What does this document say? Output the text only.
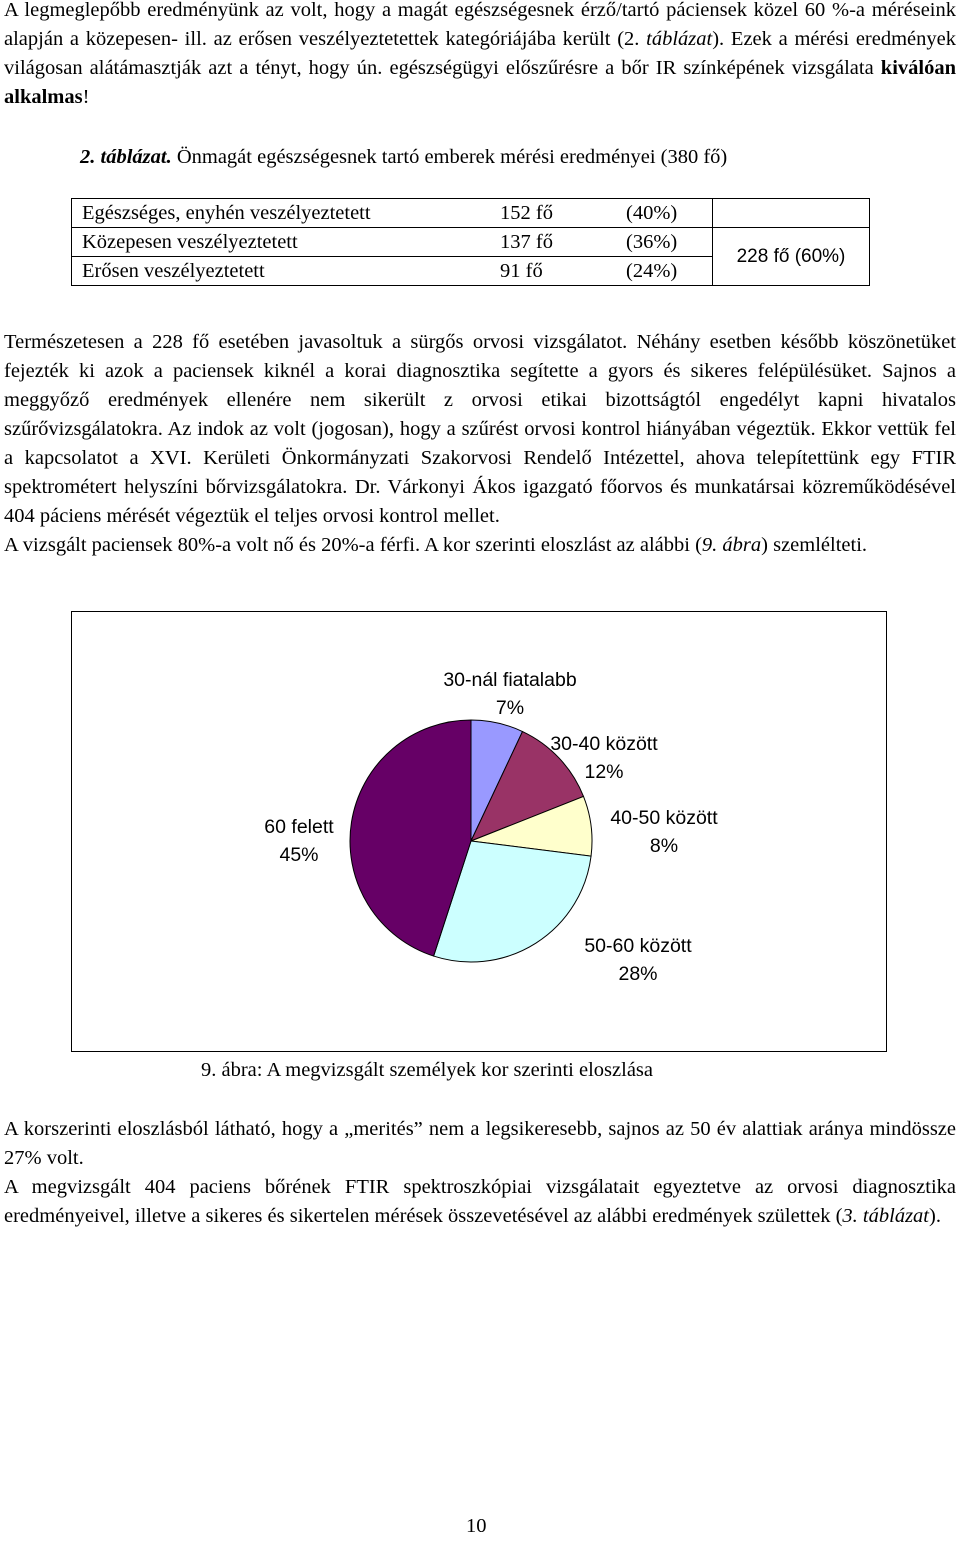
A legmeglepőbb eredményünk az volt, hogy a magát egészségesnek érző/tartó páciensek közel 60 %-a méréseink alapján a közepesen- ill. az erősen veszélyeztetettek kategóriájába került (2. táblázat). Ezek a mérési eredmények világosan alátámasztják azt a tényt, hogy ún. egészségügyi előszűrésre a bőr IR színképének vizsgálata kiválóan alkalmas!

2. táblázat. Önmagát egészségesnek tartó emberek mérési eredményei (380 fő)
Egészséges, enyhén veszélyeztetett	152 fő	(40%)	
Közepesen veszélyeztetett	137 fő	(36%)	228 fő (60%)
Erősen veszélyeztetett	91 fő	(24%)	

Természetesen a 228 fő esetében javasoltuk a sürgős orvosi vizsgálatot. Néhány esetben később köszönetüket fejezték ki azok a paciensek kiknél a korai diagnosztika segítette a gyors és sikeres felépülésüket. Sajnos a meggyőző eredmények ellenére nem sikerült z orvosi etikai bizottságtól engedélyt kapni hivatalos szűrővizsgálatokra. Az indok az volt (jogosan), hogy a szűrést orvosi kontrol hiányában végeztük. Ekkor vettük fel a kapcsolatot a XVI. Kerületi Önkormányzati Szakorvosi Rendelő Intézettel, ahova telepítettünk egy FTIR spektrométert helyszíni bőrvizsgálatokra. Dr. Várkonyi Ákos igazgató főorvos és munkatársai közreműködésével 404 páciens mérését végeztük el teljes orvosi kontrol mellet.
A vizsgált paciensek 80%-a volt nő és 20%-a férfi. A kor szerinti eloszlást az alábbi (9. ábra) szemlélteti.

30-nál fiatalabb
7%
30-40 között
12%
40-50 között
8%
50-60 között
28%
60 felett
45%
9. ábra: A megvizsgált személyek kor szerinti eloszlása

A korszerinti eloszlásból látható, hogy a „merités” nem a legsikeresebb, sajnos az 50 év alattiak aránya mindössze 27% volt.

A megvizsgált 404 paciens bőrének FTIR spektroszkópiai vizsgálatait egyeztetve az orvosi diagnosztika eredményeivel, illetve a sikeres és sikertelen mérések összevetésével az alábbi eredmények születtek (3. táblázat).

10
